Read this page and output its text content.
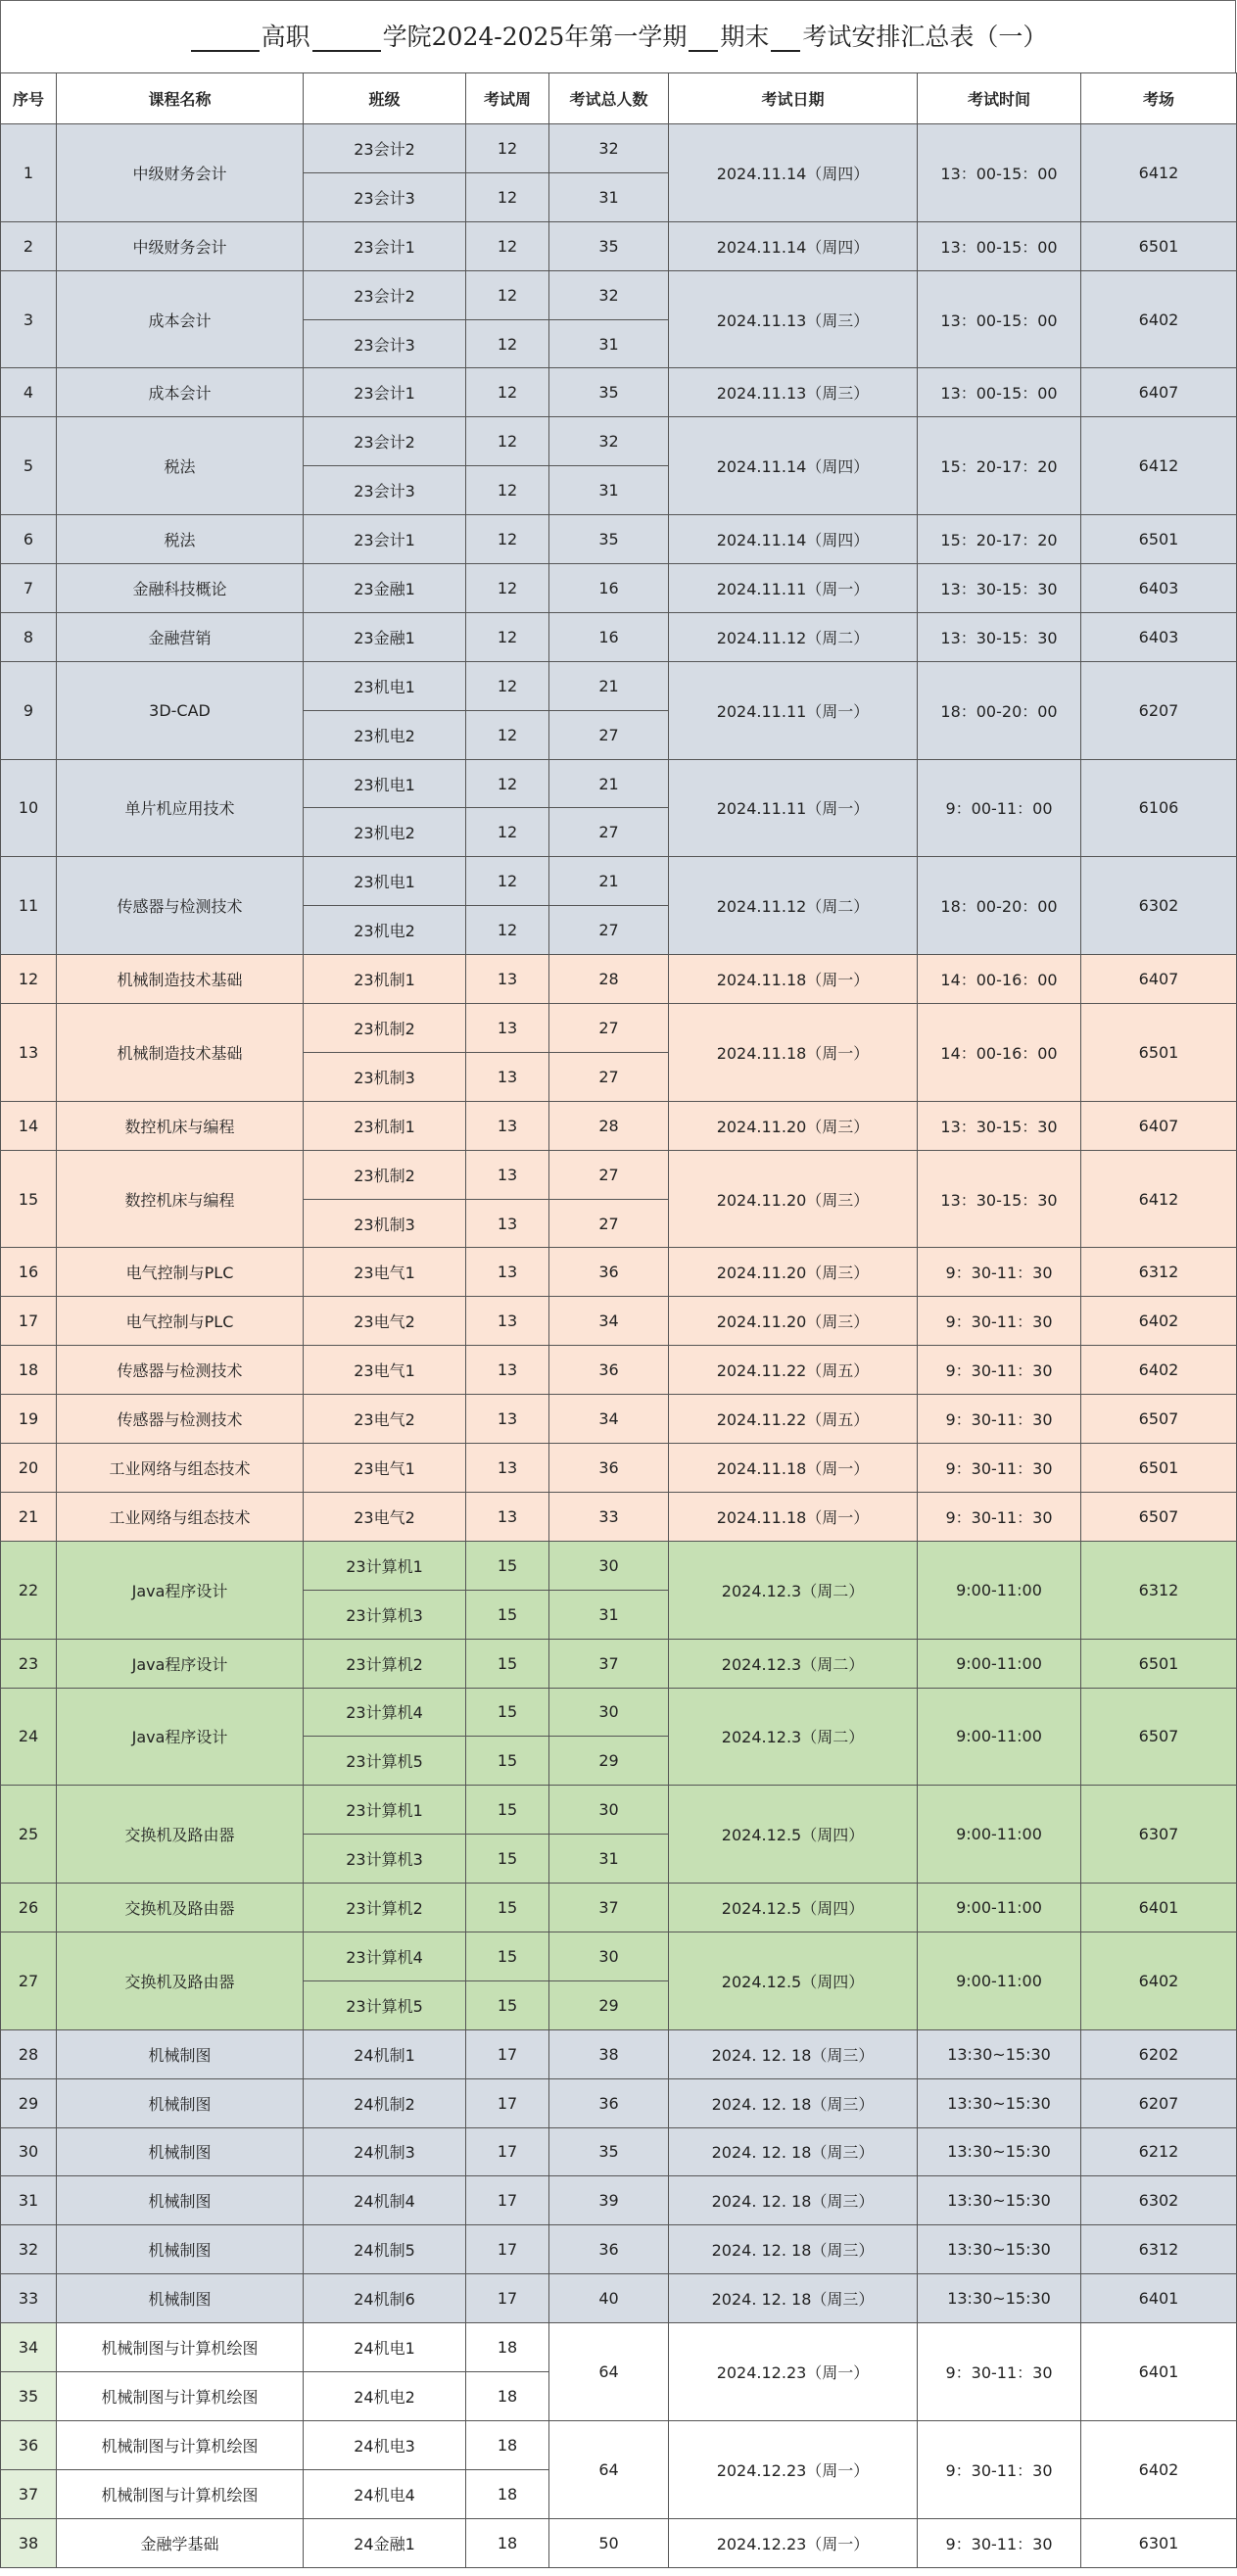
高职	学院2024-2025年第一学期 期末 考试安排汇总表（一）
序号	课程名称	班级	考试周	考试总人数	考试日期	考试时间	考场
1	中级财务会计	23会计2	12	32	2024.11.14（周四）	13：00-15：00	6412
		23会计3	12	31			
2	中级财务会计	23会计1	12	35	2024.11.14（周四）	13：00-15：00	6501
3	成本会计	23会计2	12	32	2024.11.13（周三）	13：00-15：00	6402
		23会计3	12	31			
4	成本会计	23会计1	12	35	2024.11.13（周三）	13：00-15：00	6407
5	税法	23会计2	12	32	2024.11.14（周四）	15：20-17：20	6412
		23会计3	12	31			
6	税法	23会计1	12	35	2024.11.14（周四）	15：20-17：20	6501
7	金融科技概论	23金融1	12	16	2024.11.11（周一）	13：30-15：30	6403
8	金融营销	23金融1	12	16	2024.11.12（周二）	13：30-15：30	6403
9	3D-CAD	23机电1	12	21	2024.11.11（周一）	18：00-20：00	6207
		23机电2	12	27			
10	单片机应用技术	23机电1	12	21	2024.11.11（周一）	9：00-11：00	6106
		23机电2	12	27			
11	传感器与检测技术	23机电1	12	21	2024.11.12（周二）	18：00-20：00	6302
		23机电2	12	27			
12	机械制造技术基础	23机制1	13	28	2024.11.18（周一）	14：00-16：00	6407
13	机械制造技术基础	23机制2	13	27	2024.11.18（周一）	14：00-16：00	6501
		23机制3	13	27			
14	数控机床与编程	23机制1	13	28	2024.11.20（周三）	13：30-15：30	6407
15	数控机床与编程	23机制2	13	27	2024.11.20（周三）	13：30-15：30	6412
		23机制3	13	27			
16	电气控制与PLC	23电气1	13	36	2024.11.20（周三）	9：30-11：30	6312
17	电气控制与PLC	23电气2	13	34	2024.11.20（周三）	9：30-11：30	6402
18	传感器与检测技术	23电气1	13	36	2024.11.22（周五）	9：30-11：30	6402
19	传感器与检测技术	23电气2	13	34	2024.11.22（周五）	9：30-11：30	6507
20	工业网络与组态技术	23电气1	13	36	2024.11.18（周一）	9：30-11：30	6501
21	工业网络与组态技术	23电气2	13	33	2024.11.18（周一）	9：30-11：30	6507
22	Java程序设计	23计算机1	15	30	2024.12.3（周二）	9:00-11:00	6312
		23计算机3	15	31			
23	Java程序设计	23计算机2	15	37	2024.12.3（周二）	9:00-11:00	6501
24	Java程序设计	23计算机4	15	30	2024.12.3（周二）	9:00-11:00	6507
		23计算机5	15	29			
25	交换机及路由器	23计算机1	15	30	2024.12.5（周四）	9:00-11:00	6307
		23计算机3	15	31			
26	交换机及路由器	23计算机2	15	37	2024.12.5（周四）	9:00-11:00	6401
27	交换机及路由器	23计算机4	15	30	2024.12.5（周四）	9:00-11:00	6402
		23计算机5	15	29			
28	机械制图	24机制1	17	38	2024. 12. 18（周三）	13:30~15:30	6202
29	机械制图	24机制2	17	36	2024. 12. 18（周三）	13:30~15:30	6207
30	机械制图	24机制3	17	35	2024. 12. 18（周三）	13:30~15:30	6212
31	机械制图	24机制4	17	39	2024. 12. 18（周三）	13:30~15:30	6302
32	机械制图	24机制5	17	36	2024. 12. 18（周三）	13:30~15:30	6312
33	机械制图	24机制6	17	40	2024. 12. 18（周三）	13:30~15:30	6401
34	机械制图与计算机绘图	24机电1	18	64	2024.12.23（周一）	9：30-11：30	6401
35	机械制图与计算机绘图	24机电2	18				
36	机械制图与计算机绘图	24机电3	18	64	2024.12.23（周一）	9：30-11：30	6402
37	机械制图与计算机绘图	24机电4	18				
38	金融学基础	24金融1	18	50	2024.12.23（周一）	9：30-11：30	6301
